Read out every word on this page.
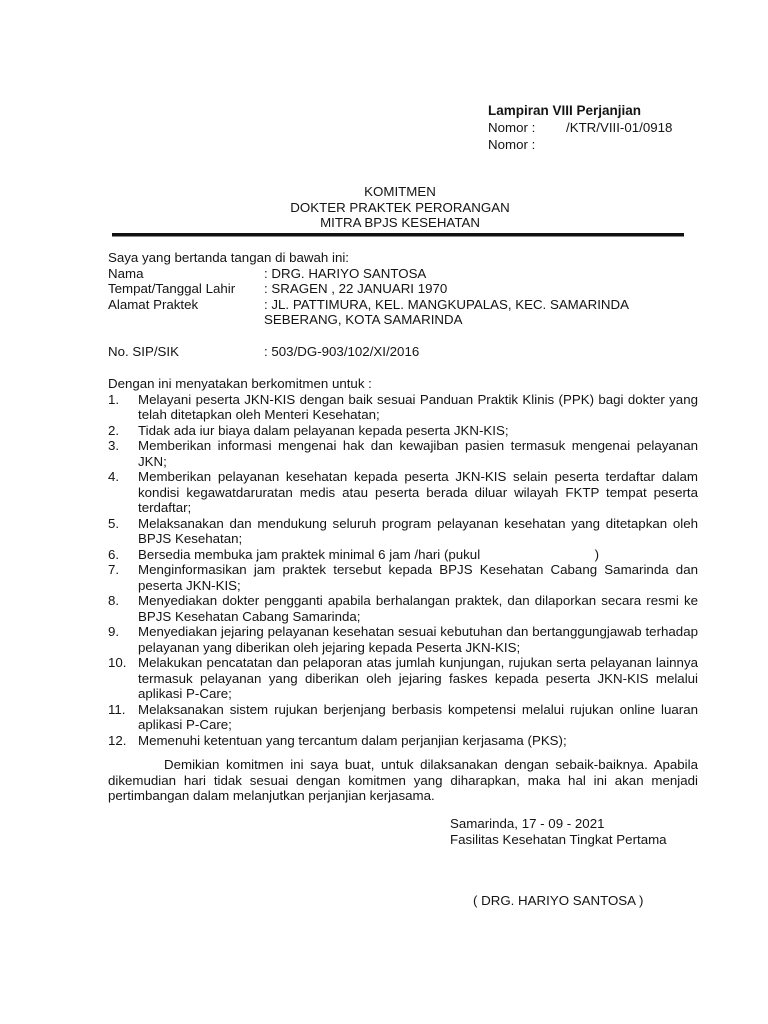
Lampiran VIII Perjanjian
Nomor :	/KTR/VIII-01/0918
Nomor :
KOMITMEN
DOKTER PRAKTEK PERORANGAN
MITRA BPJS KESEHATAN
Saya yang bertanda tangan di bawah ini:
Nama	: DRG. HARIYO SANTOSA
Tempat/Tanggal Lahir	: SRAGEN , 22 JANUARI 1970
Alamat Praktek	: JL. PATTIMURA, KEL. MANGKUPALAS, KEC. SAMARINDA
SEBERANG, KOTA SAMARINDA
No. SIP/SIK	: 503/DG-903/102/XI/2016
Dengan ini menyatakan berkomitmen untuk :
1.	Melayani peserta JKN-KIS dengan baik sesuai Panduan Praktik Klinis (PPK) bagi dokter yang telah ditetapkan oleh Menteri Kesehatan;
2.	Tidak ada iur biaya dalam pelayanan kepada peserta JKN-KIS;
3.	Memberikan informasi mengenai hak dan kewajiban pasien termasuk mengenai pelayanan JKN;
4.	Memberikan pelayanan kesehatan kepada peserta JKN-KIS selain peserta terdaftar dalam kondisi kegawatdaruratan medis atau peserta berada diluar wilayah FKTP tempat peserta terdaftar;
5.	Melaksanakan dan mendukung seluruh program pelayanan kesehatan yang ditetapkan oleh BPJS Kesehatan;
6.	Bersedia membuka jam praktek minimal 6 jam /hari (pukul                               )
7.	Menginformasikan jam praktek tersebut kepada BPJS Kesehatan Cabang Samarinda dan peserta JKN-KIS;
8.	Menyediakan dokter pengganti apabila berhalangan praktek, dan dilaporkan secara resmi ke BPJS Kesehatan Cabang Samarinda;
9.	Menyediakan jejaring pelayanan kesehatan sesuai kebutuhan dan bertanggungjawab terhadap pelayanan yang diberikan oleh jejaring kepada Peserta JKN-KIS;
10. Melakukan pencatatan dan pelaporan atas jumlah kunjungan, rujukan serta pelayanan lainnya termasuk pelayanan yang diberikan oleh jejaring faskes kepada peserta JKN-KIS melalui aplikasi P-Care;
11. Melaksanakan sistem rujukan berjenjang berbasis kompetensi melalui rujukan online luaran aplikasi P-Care;
12. Memenuhi ketentuan yang tercantum dalam perjanjian kerjasama (PKS);
Demikian komitmen ini saya buat, untuk dilaksanakan dengan sebaik-baiknya. Apabila dikemudian hari tidak sesuai dengan komitmen yang diharapkan, maka hal ini akan menjadi pertimbangan dalam melanjutkan perjanjian kerjasama.
Samarinda, 17 - 09 - 2021
Fasilitas Kesehatan Tingkat Pertama
( DRG. HARIYO SANTOSA )
